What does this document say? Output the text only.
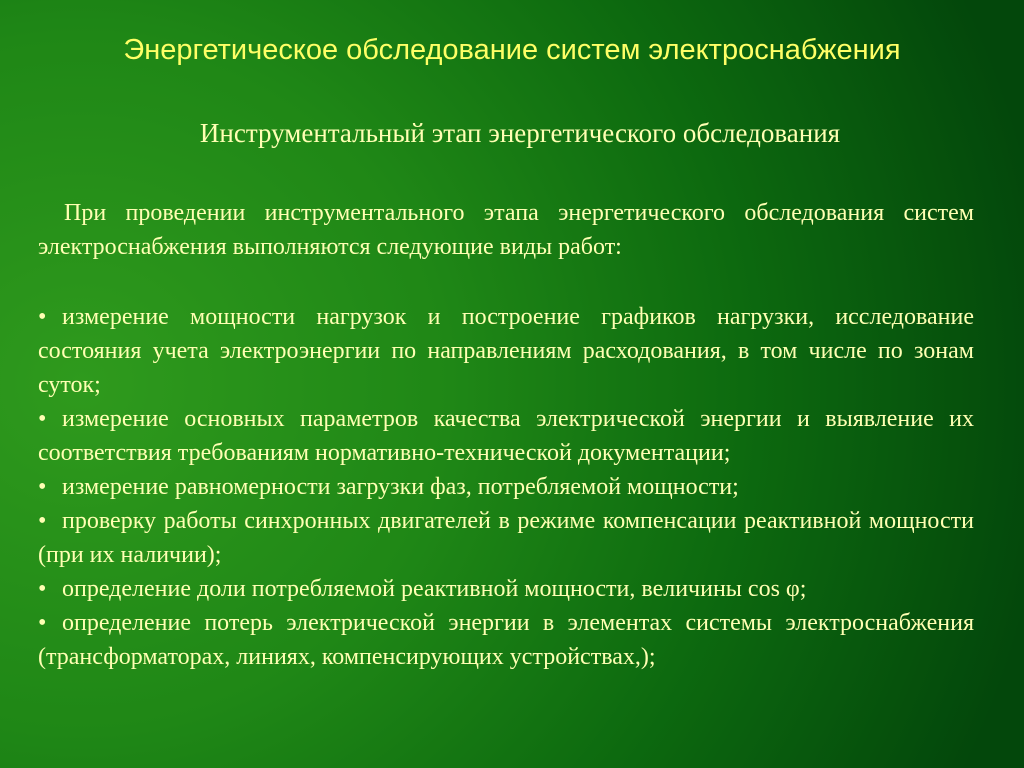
Энергетическое обследование систем электроснабжения
Инструментальный этап энергетического обследования

При проведении инструментального этапа энергетического обследования систем электроснабжения выполняются следующие виды работ:

• измерение мощности нагрузок и построение графиков нагрузки, исследование состояния учета электроэнергии по направлениям расходования, в том числе по зонам суток;

• измерение основных параметров качества электрической энергии и выявление их соответствия требованиям нормативно-технической документации;

• измерение равномерности загрузки фаз, потребляемой мощности;

• проверку работы синхронных двигателей в режиме компенсации реактивной мощности (при их наличии);

• определение доли потребляемой реактивной мощности, величины cos φ;

• определение потерь электрической энергии в элементах системы электроснабжения (трансформаторах, линиях, компенсирующих устройствах,);
